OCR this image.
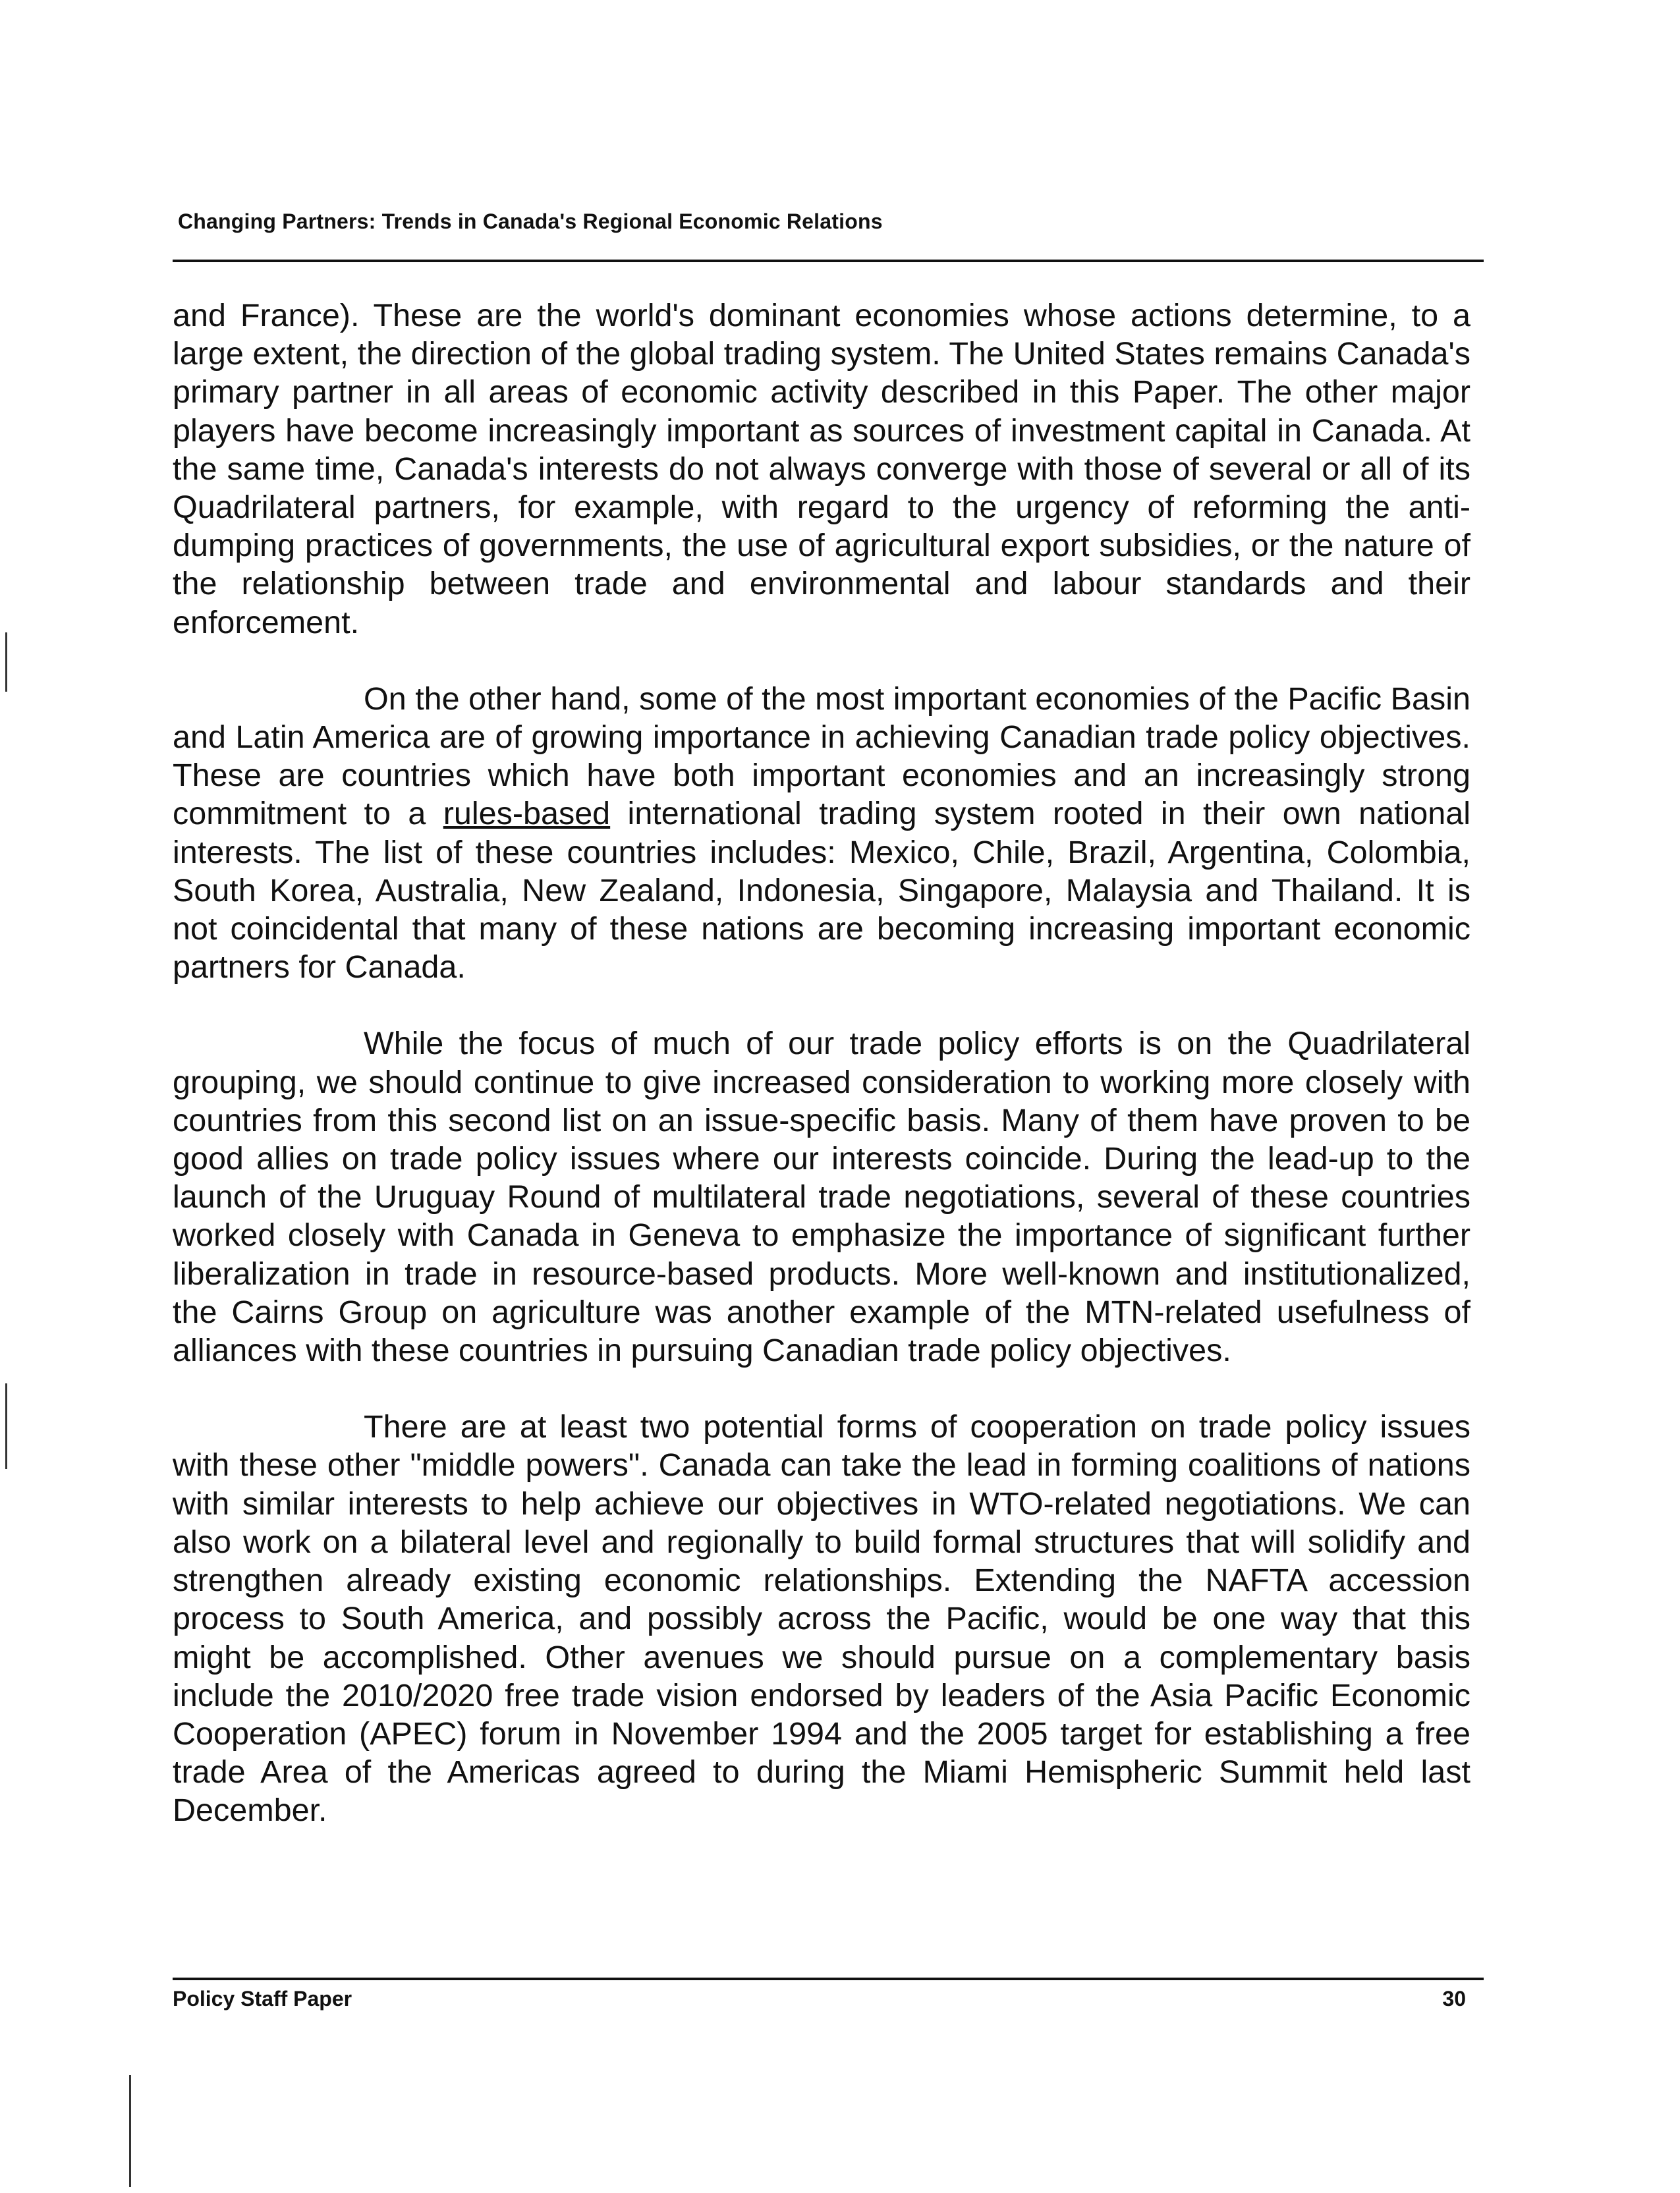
Changing Partners: Trends in Canada's Regional Economic Relations

and France). These are the world's dominant economies whose actions determine, to a large extent, the direction of the global trading system. The United States remains Canada's primary partner in all areas of economic activity described in this Paper. The other major players have become increasingly important as sources of investment capital in Canada. At the same time, Canada's interests do not always converge with those of several or all of its Quadrilateral partners, for example, with regard to the urgency of reforming the anti-dumping practices of governments, the use of agricultural export subsidies, or the nature of the relationship between trade and environmental and labour standards and their enforcement.

On the other hand, some of the most important economies of the Pacific Basin and Latin America are of growing importance in achieving Canadian trade policy objectives. These are countries which have both important economies and an increasingly strong commitment to a rules-based international trading system rooted in their own national interests. The list of these countries includes: Mexico, Chile, Brazil, Argentina, Colombia, South Korea, Australia, New Zealand, Indonesia, Singapore, Malaysia and Thailand. It is not coincidental that many of these nations are becoming increasing important economic partners for Canada.

While the focus of much of our trade policy efforts is on the Quadrilateral grouping, we should continue to give increased consideration to working more closely with countries from this second list on an issue-specific basis. Many of them have proven to be good allies on trade policy issues where our interests coincide. During the lead-up to the launch of the Uruguay Round of multilateral trade negotiations, several of these countries worked closely with Canada in Geneva to emphasize the importance of significant further liberalization in trade in resource-based products. More well-known and institutionalized, the Cairns Group on agriculture was another example of the MTN-related usefulness of alliances with these countries in pursuing Canadian trade policy objectives.

There are at least two potential forms of cooperation on trade policy issues with these other "middle powers". Canada can take the lead in forming coalitions of nations with similar interests to help achieve our objectives in WTO-related negotiations. We can also work on a bilateral level and regionally to build formal structures that will solidify and strengthen already existing economic relationships. Extending the NAFTA accession process to South America, and possibly across the Pacific, would be one way that this might be accomplished. Other avenues we should pursue on a complementary basis include the 2010/2020 free trade vision endorsed by leaders of the Asia Pacific Economic Cooperation (APEC) forum in November 1994 and the 2005 target for establishing a free trade Area of the Americas agreed to during the Miami Hemispheric Summit held last December.

Policy Staff Paper	30
